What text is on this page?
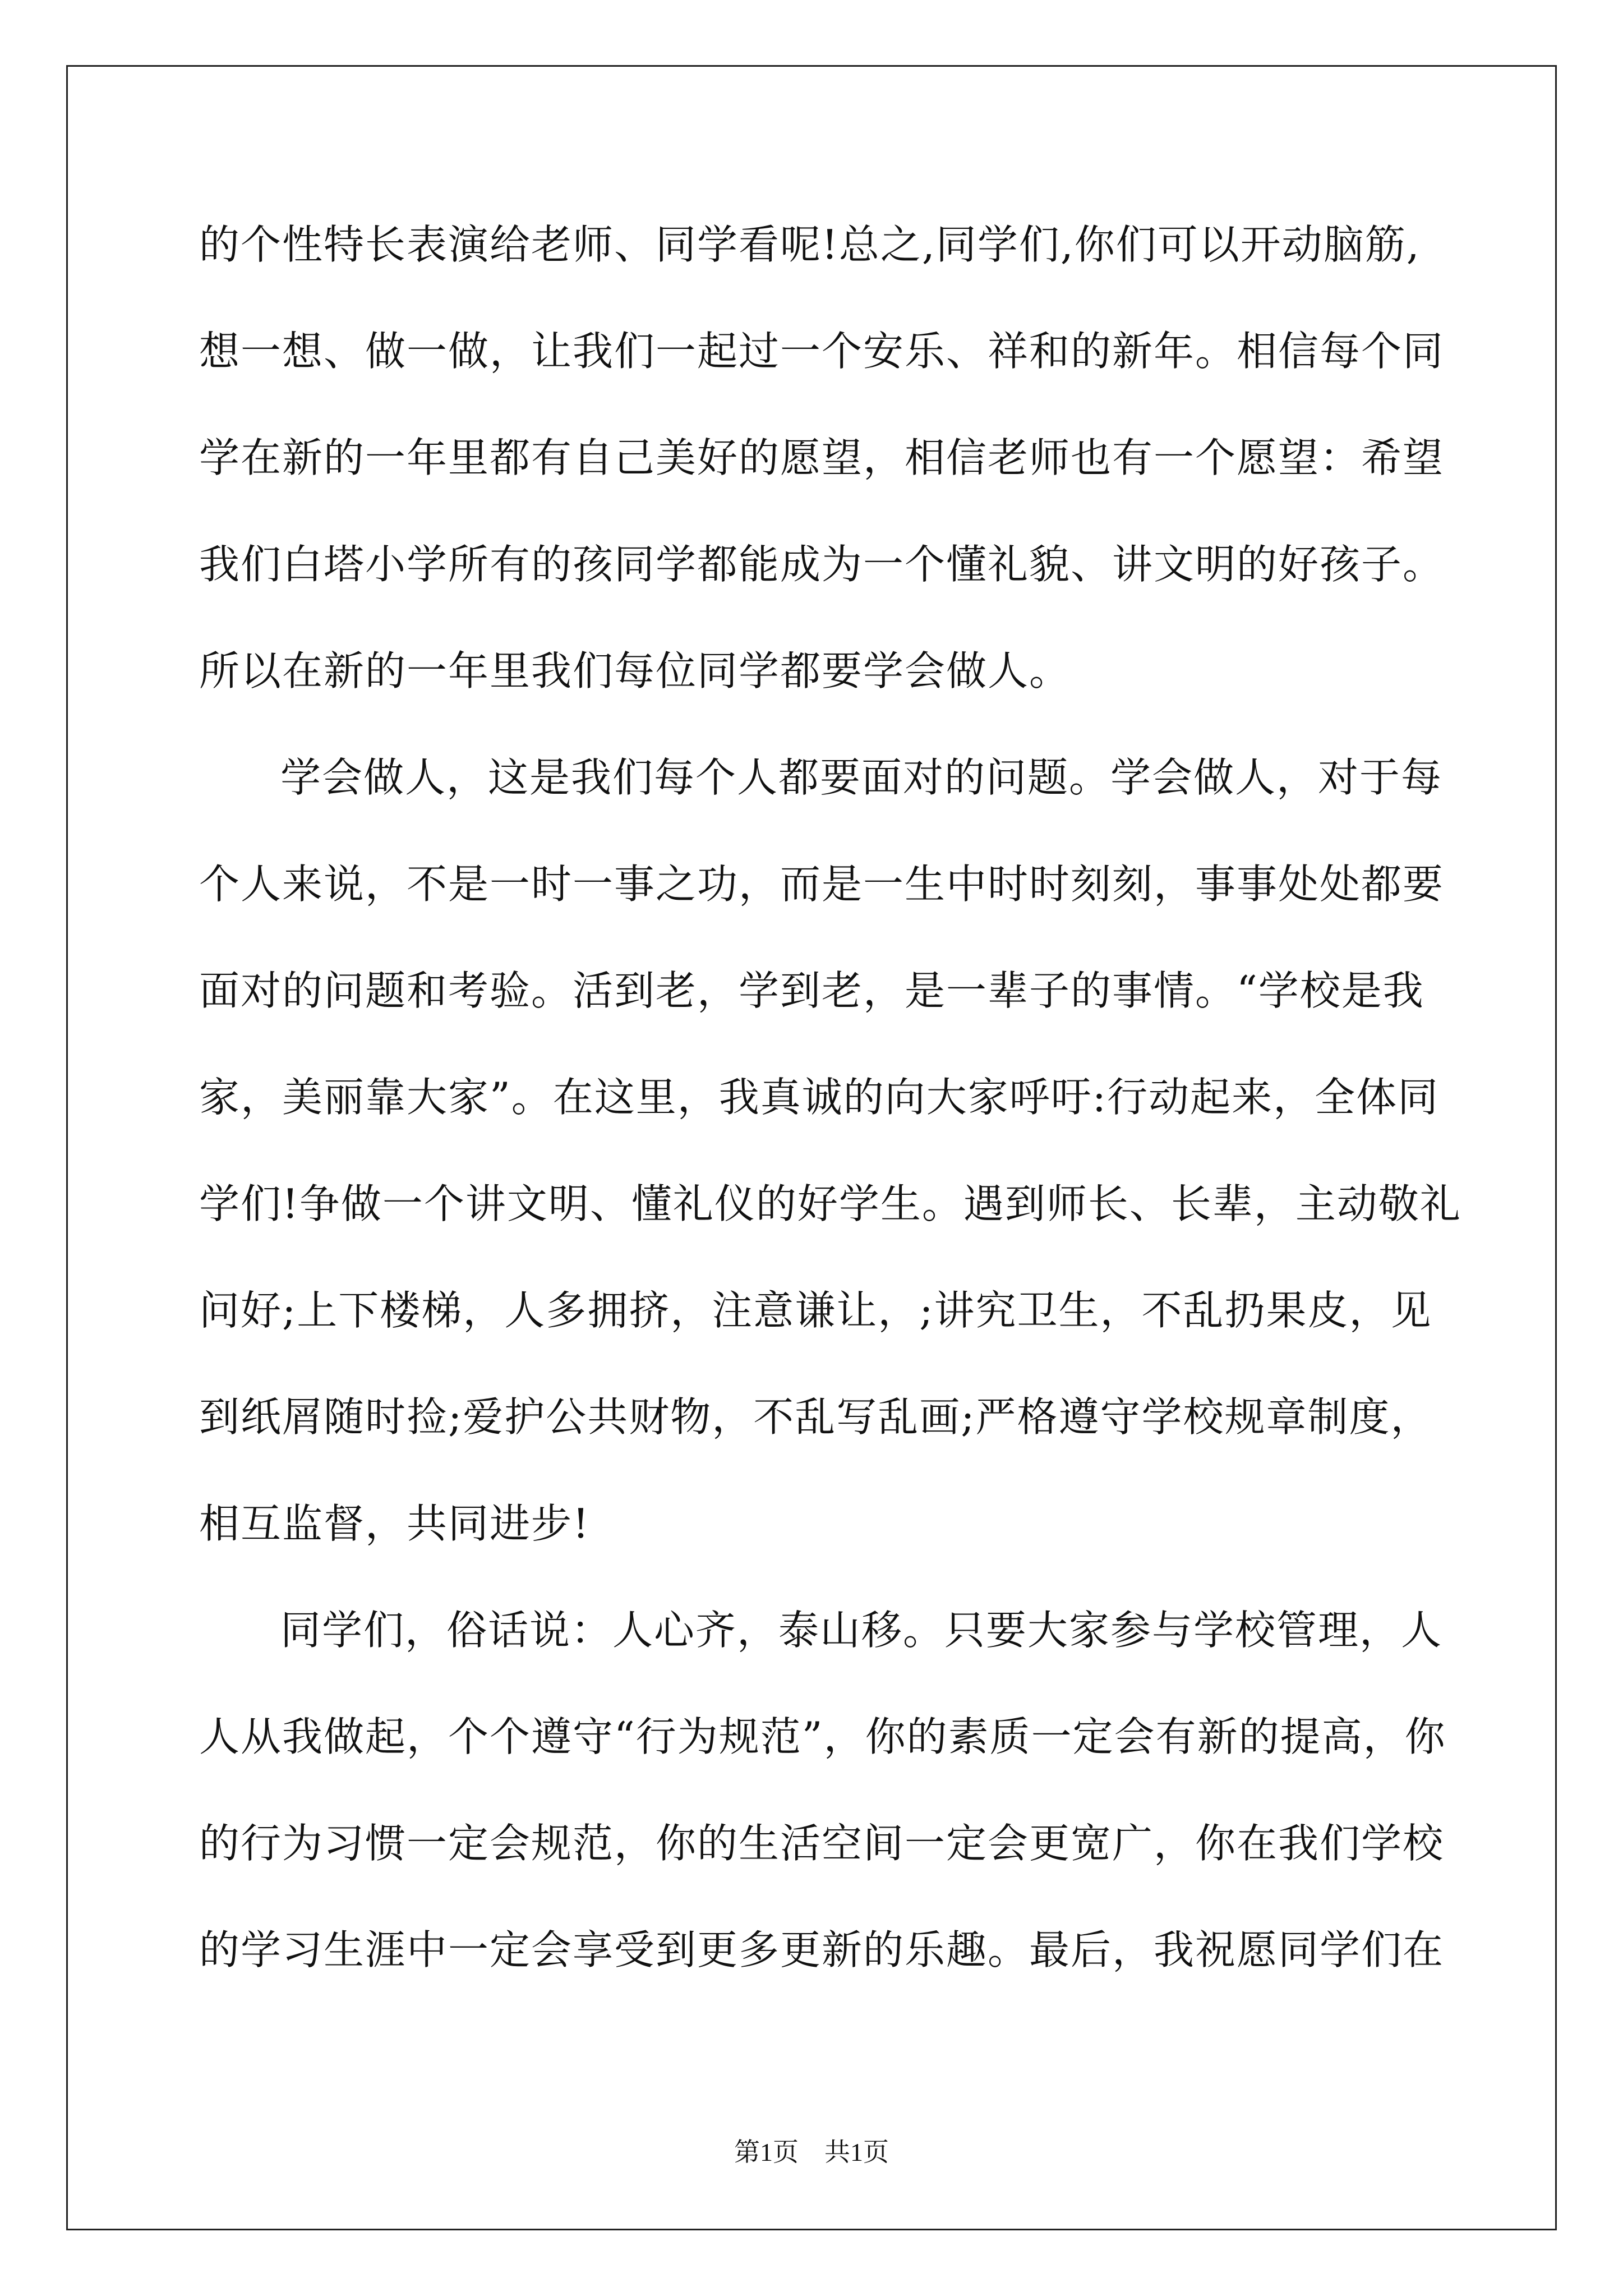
的个性特长表演给老师、同学看呢!总之,同学们,你们可以开动脑筋,
想一想、做一做，让我们一起过一个安乐、祥和的新年。相信每个同
学在新的一年里都有自己美好的愿望，相信老师也有一个愿望：希望
我们白塔小学所有的孩同学都能成为一个懂礼貌、讲文明的好孩子。
所以在新的一年里我们每位同学都要学会做人。
学会做人，这是我们每个人都要面对的问题。学会做人，对于每
个人来说，不是一时一事之功，而是一生中时时刻刻，事事处处都要
面对的问题和考验。活到老，学到老，是一辈子的事情。“学校是我
家，美丽靠大家”。在这里，我真诚的向大家呼吁:行动起来，全体同
学们!争做一个讲文明、懂礼仪的好学生。遇到师长、长辈，主动敬礼
问好;上下楼梯，人多拥挤，注意谦让，;讲究卫生，不乱扔果皮，见
到纸屑随时捡;爱护公共财物，不乱写乱画;严格遵守学校规章制度，
相互监督，共同进步!
同学们，俗话说：人心齐，泰山移。只要大家参与学校管理，人
人从我做起，个个遵守“行为规范”，你的素质一定会有新的提高，你
的行为习惯一定会规范，你的生活空间一定会更宽广，你在我们学校
的学习生涯中一定会享受到更多更新的乐趣。最后，我祝愿同学们在
第1页    共1页
